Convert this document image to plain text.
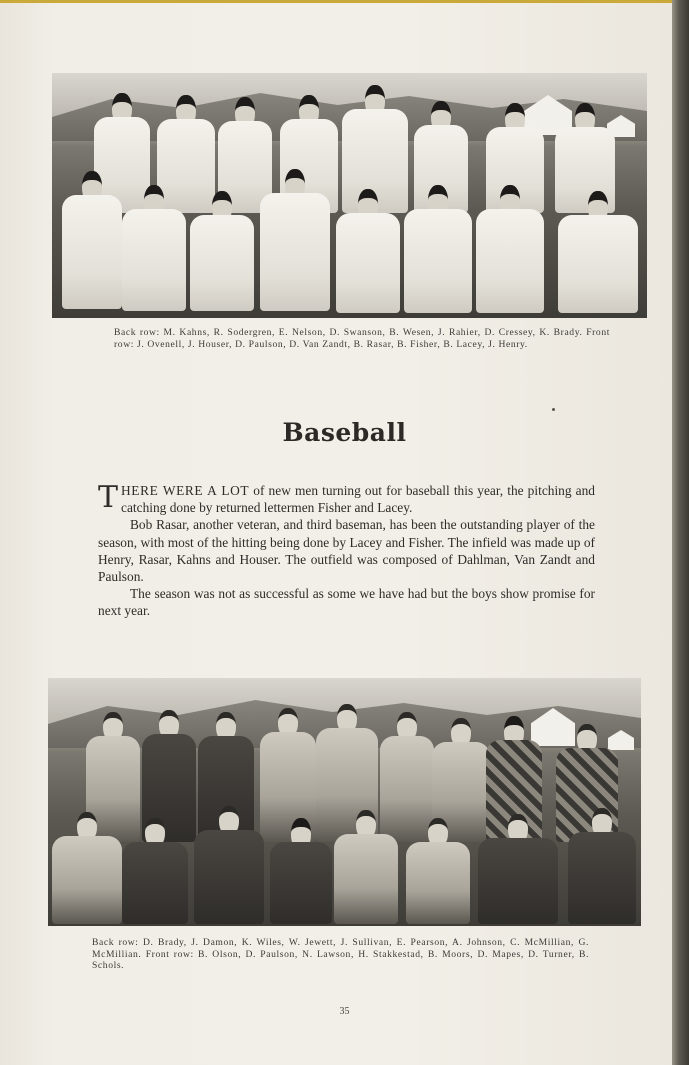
Back row: M. Kahns, R. Sodergren, E. Nelson, D. Swanson, B. Wesen, J. Rahier, D. Cressey, K. Brady. Front row: J. Ovenell, J. Houser, D. Paulson, D. Van Zandt, B. Rasar, B. Fisher, B. Lacey, J. Henry.
Baseball

THERE WERE A LOT of new men turning out for baseball this year, the pitching and catching done by returned lettermen Fisher and Lacey.

Bob Rasar, another veteran, and third baseman, has been the outstanding player of the season, with most of the hitting being done by Lacey and Fisher. The infield was made up of Henry, Rasar, Kahns and Houser. The outfield was composed of Dahlman, Van Zandt and Paulson.

The season was not as successful as some we have had but the boys show promise for next year.

Back row: D. Brady, J. Damon, K. Wiles, W. Jewett, J. Sullivan, E. Pearson, A. Johnson, C. McMillian, G. McMillian. Front row: B. Olson, D. Paulson, N. Lawson, H. Stakkestad, B. Moors, D. Mapes, D. Turner, B. Schols.
35
